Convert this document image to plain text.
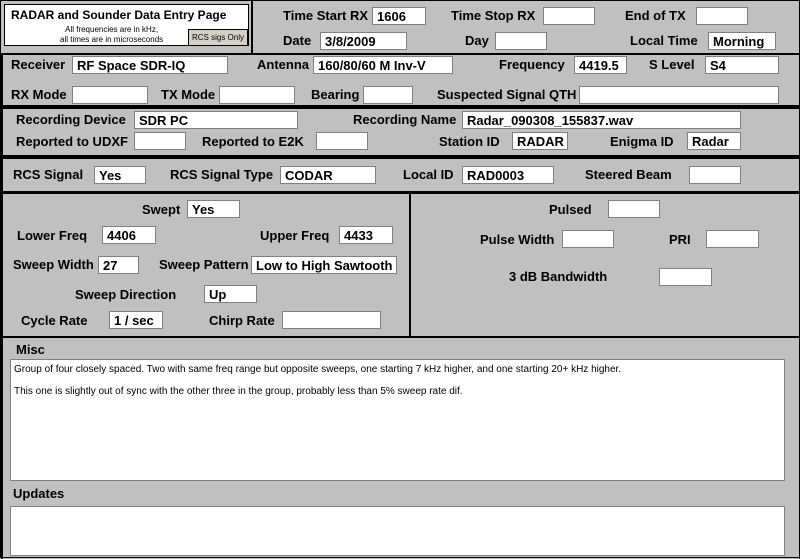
RADAR and Sounder Data Entry Page
All frequencies are in kHz,
all times are in microseconds	RCS sigs Only
Time Start RX 1606	Time Stop RX	End of TX
Date	3/8/2009	Day	Local Time	Morning
Receiver RF Space SDR-IQ	Antenna 160/80/60 M Inv-V	Frequency	4419.5	S Level	S4
RX Mode	TX Mode	Bearing	Suspected Signal QTH
Recording Device	SDR PC	Recording Name Radar_090308_155837.wav
Reported to UDXF	Reported to E2K	Station ID	RADAR	Enigma ID	Radar
RCS Signal	Yes	RCS Signal Type CODAR	Local ID	RAD0003	Steered Beam
Swept Yes
Lower Freq	4406	Upper Freq	4433
Sweep Width 27	Sweep Pattern Low to High Sawtooth
Sweep Direction	Up
Cycle Rate	1 / sec	Chirp Rate
Pulsed
Pulse Width	PRI
3 dB Bandwidth
Misc

Group of four closely spaced. Two with same freq range but opposite sweeps, one starting 7 kHz higher, and one starting 20+ kHz higher.

This one is slightly out of sync with the other three in the group, probably less than 5% sweep rate dif.

Updates
